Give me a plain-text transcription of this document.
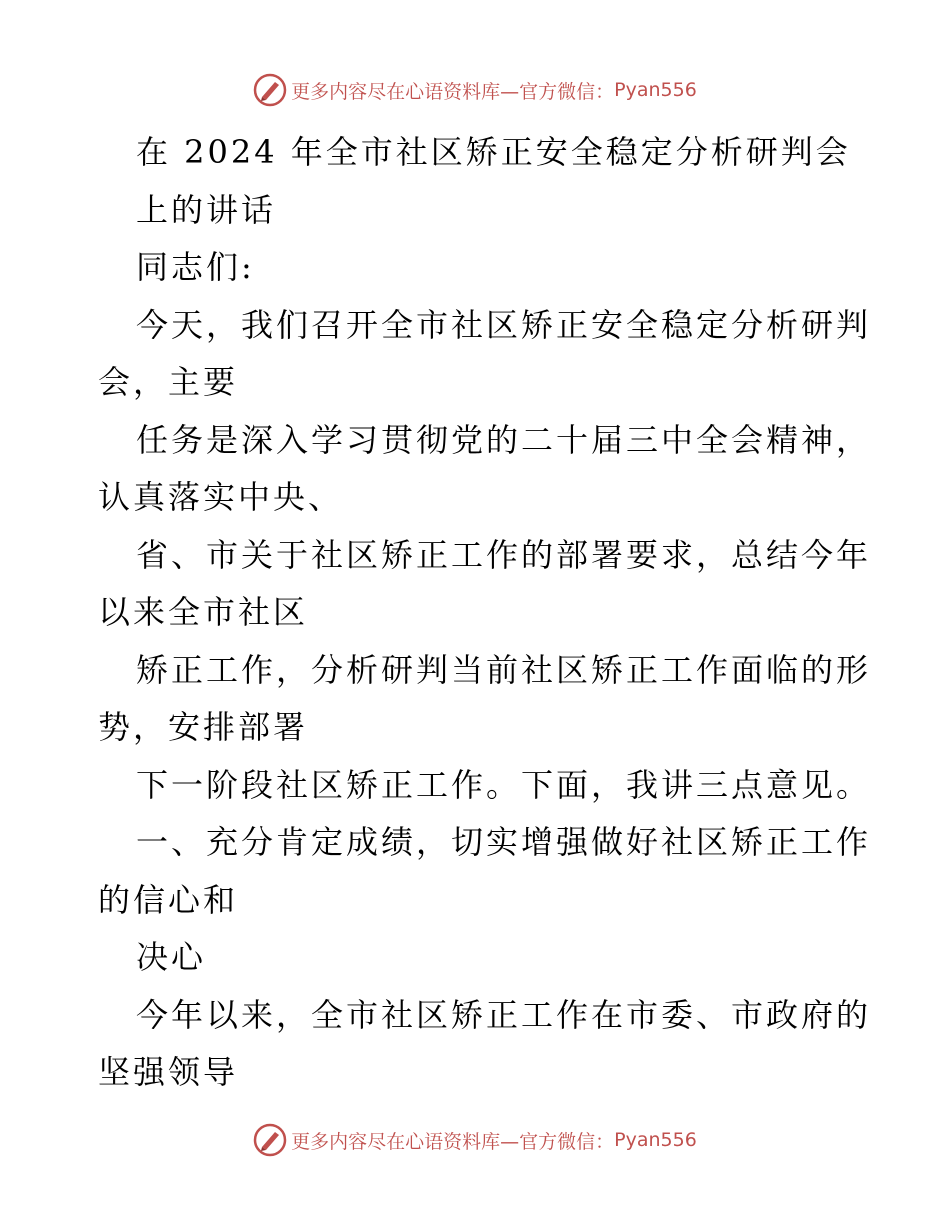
更多内容尽在心语资料库—官方微信： Pyan556
在 2024 年全市社区矫正安全稳定分析研判会
上的讲话
同志们:
今天，我们召开全市社区矫正安全稳定分析研判
会，主要
任务是深入学习贯彻党的二十届三中全会精神，
认真落实中央、
省、市关于社区矫正工作的部署要求，总结今年
以来全市社区
矫正工作，分析研判当前社区矫正工作面临的形
势，安排部署
下一阶段社区矫正工作。下面，我讲三点意见。
一、充分肯定成绩，切实增强做好社区矫正工作
的信心和
决心
今年以来，全市社区矫正工作在市委、市政府的
坚强领导
更多内容尽在心语资料库—官方微信： Pyan556
